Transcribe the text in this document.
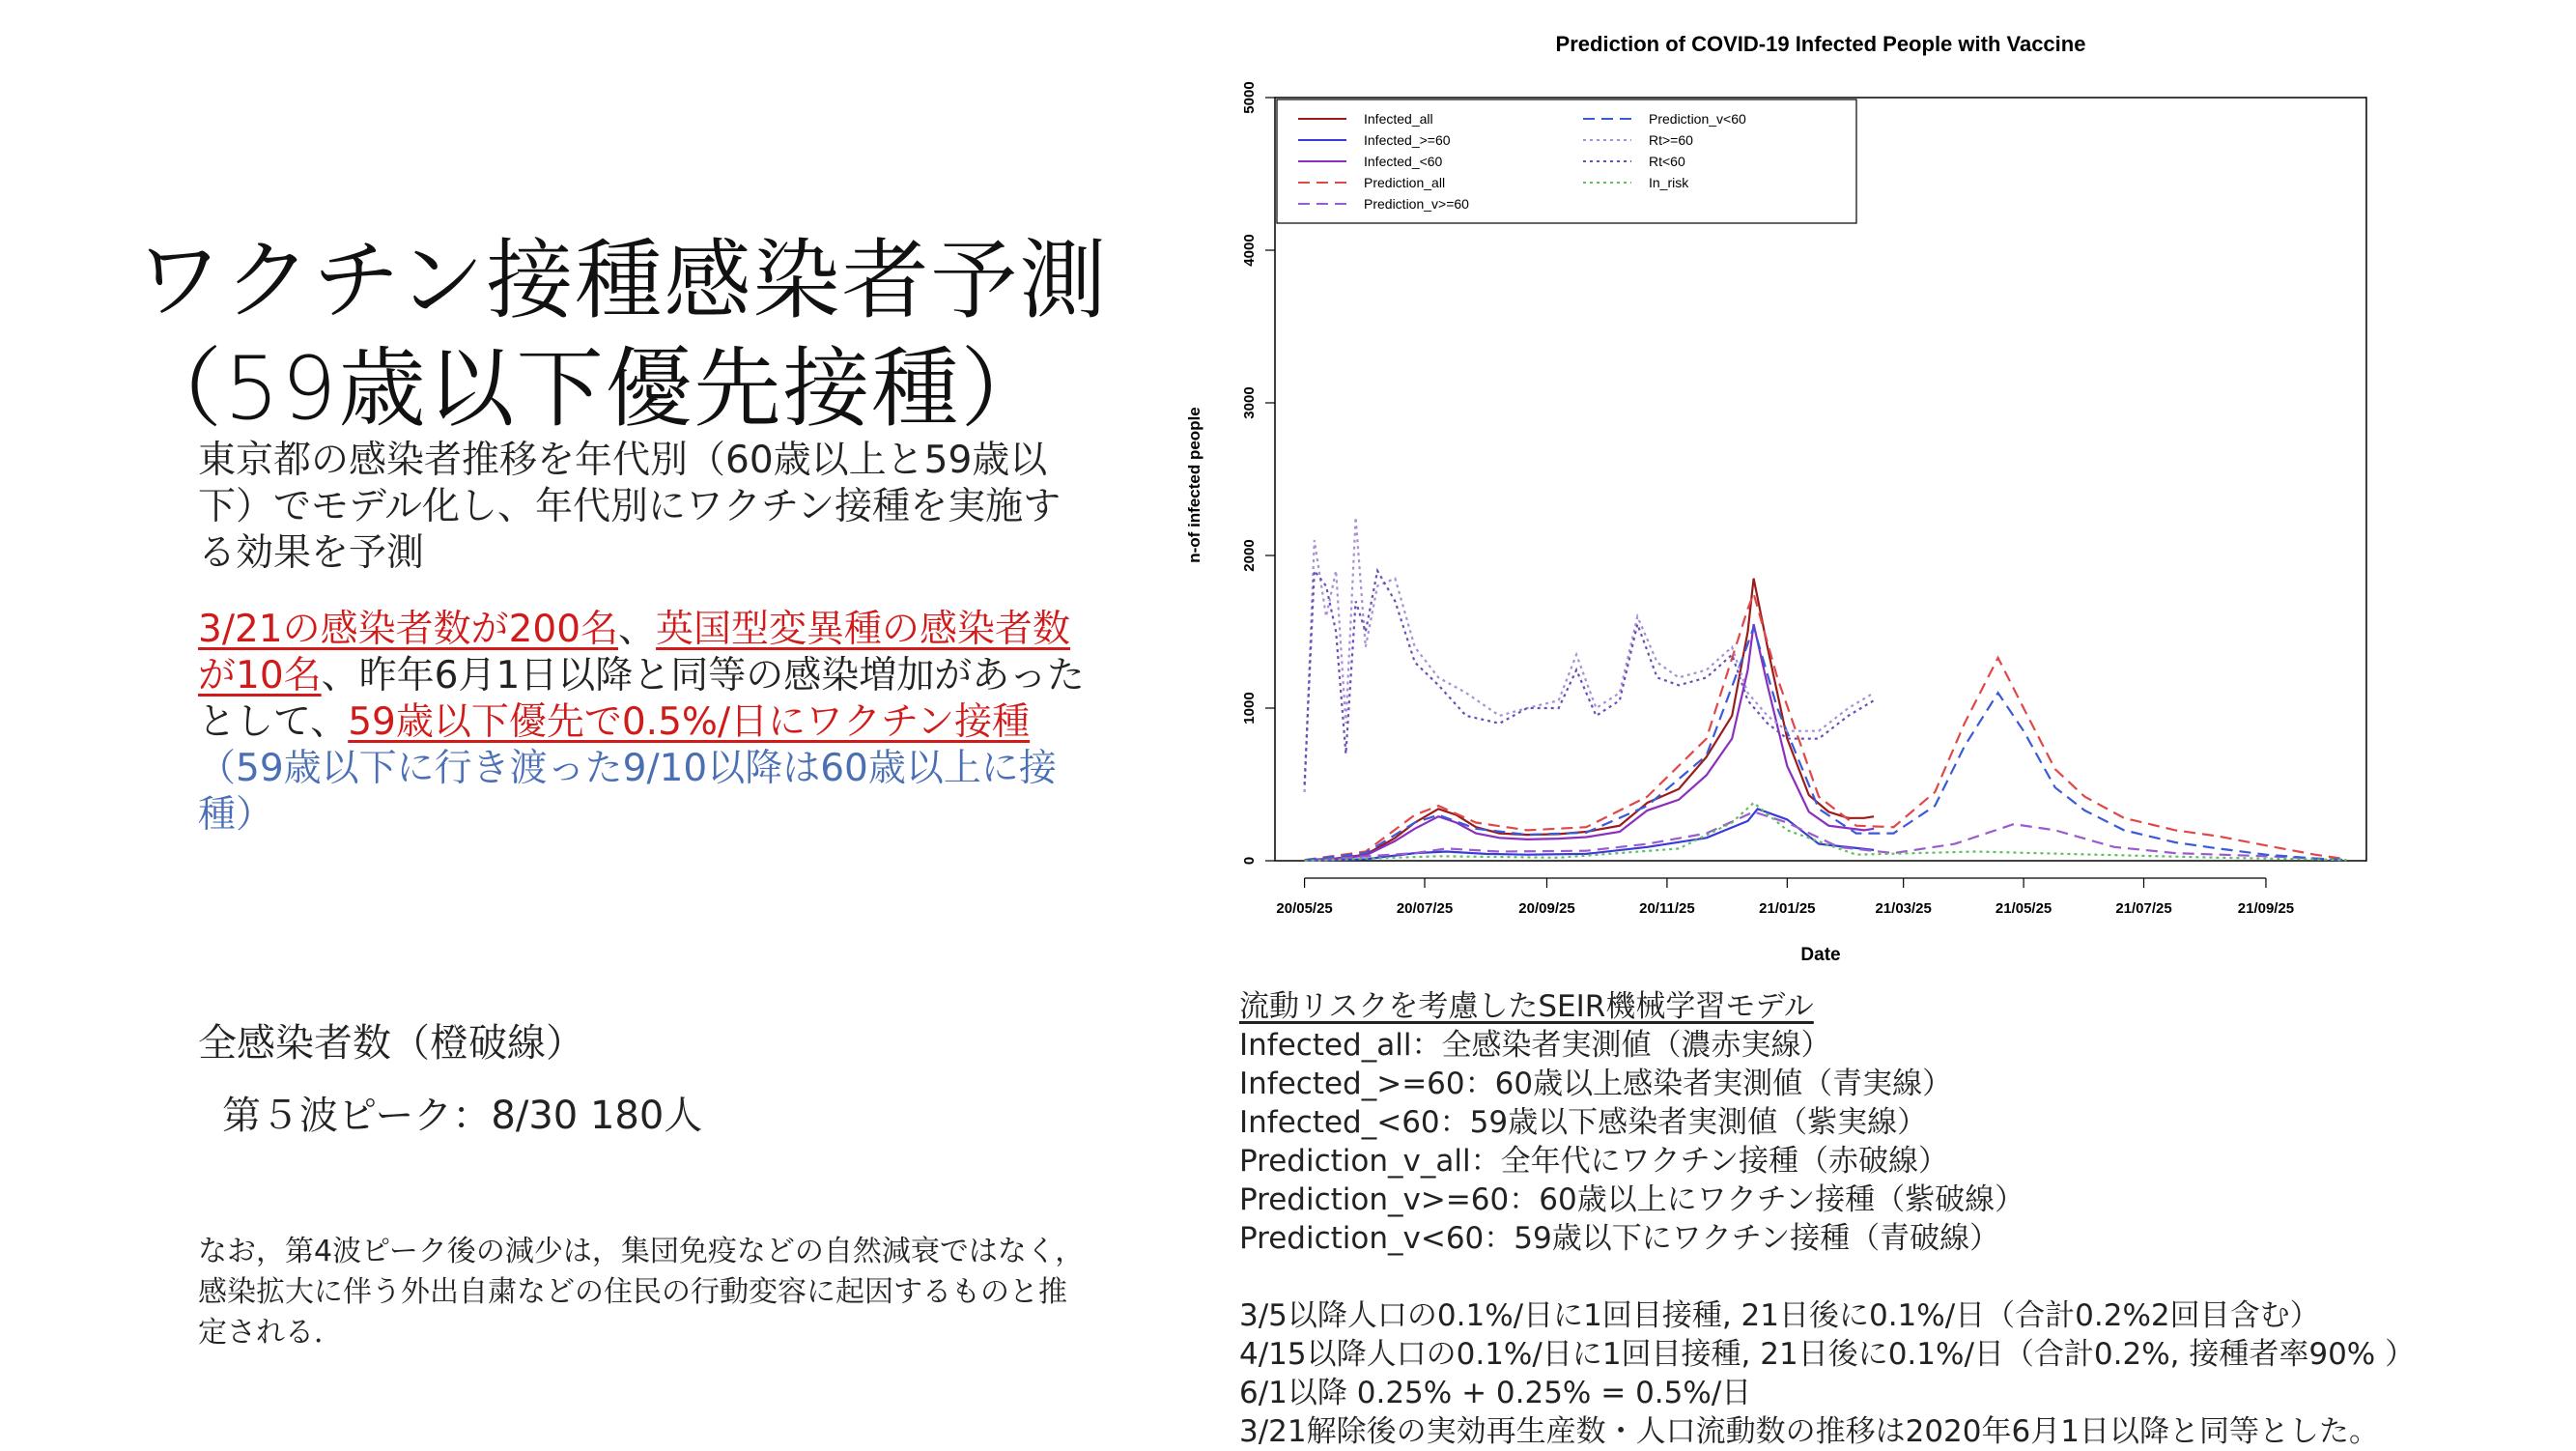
ワクチン接種感染者予測
（59歳以下優先接種）
東京都の感染者推移を年代別（60歳以上と59歳以下）でモデル化し、年代別にワクチン接種を実施する効果を予測
3/21の感染者数が200名、英国型変異種の感染者数が10名、昨年6月1日以降と同等の感染増加があったとして、59歳以下優先で0.5%/日にワクチン接種（59歳以下に行き渡った9/10以降は60歳以上に接種）
全感染者数（橙破線）
第５波ピーク：8/30 180人
なお，第4波ピーク後の減少は，集団免疫などの自然減衰ではなく，感染拡大に伴う外出自粛などの住民の行動変容に起因するものと推定される．
Prediction of COVID-19 Infected People with Vaccine
0
1000
2000
3000
4000
5000
20/05/25	20/07/25	20/09/25	20/11/25	21/01/25	21/03/25	21/05/25	21/07/25	21/09/25
Infected_all
Infected_>=60
Infected_<60
Prediction_all
Prediction_v>=60
Prediction_v<60
Rt>=60
Rt<60
In_risk
Date
n-of infected people
流動リスクを考慮したSEIR機械学習モデル
Infected_all：全感染者実測値（濃赤実線）
Infected_>=60：60歳以上感染者実測値（青実線）
Infected_<60：59歳以下感染者実測値（紫実線）
Prediction_v_all：全年代にワクチン接種（赤破線）
Prediction_v>=60：60歳以上にワクチン接種（紫破線）
Prediction_v<60：59歳以下にワクチン接種（青破線）
3/5以降人口の0.1%/日に1回目接種, 21日後に0.1%/日（合計0.2%2回目含む）
4/15以降人口の0.1%/日に1回目接種, 21日後に0.1%/日（合計0.2%, 接種者率90% ）
6/1以降 0.25% + 0.25% = 0.5%/日
3/21解除後の実効再生産数・人口流動数の推移は2020年6月1日以降と同等とした。
